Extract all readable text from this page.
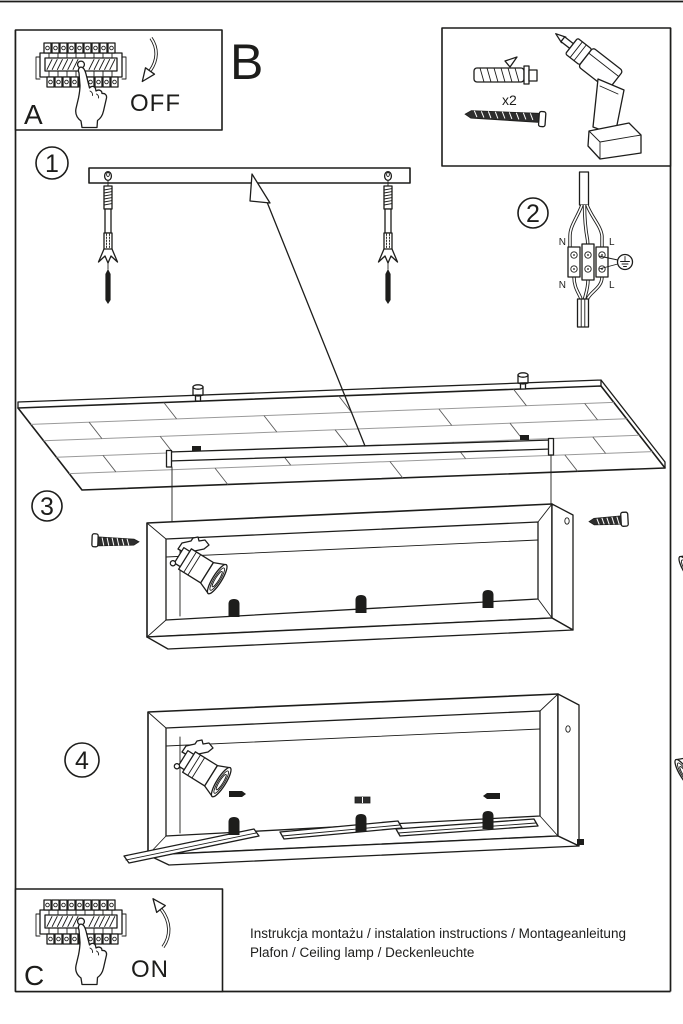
OFF
A
B
x2
3
1
2
N	L
N	L
4
ON
C
Instrukcja montażu / instalation instructions / Montageanleitung
Plafon / Ceiling lamp / Deckenleuchte
